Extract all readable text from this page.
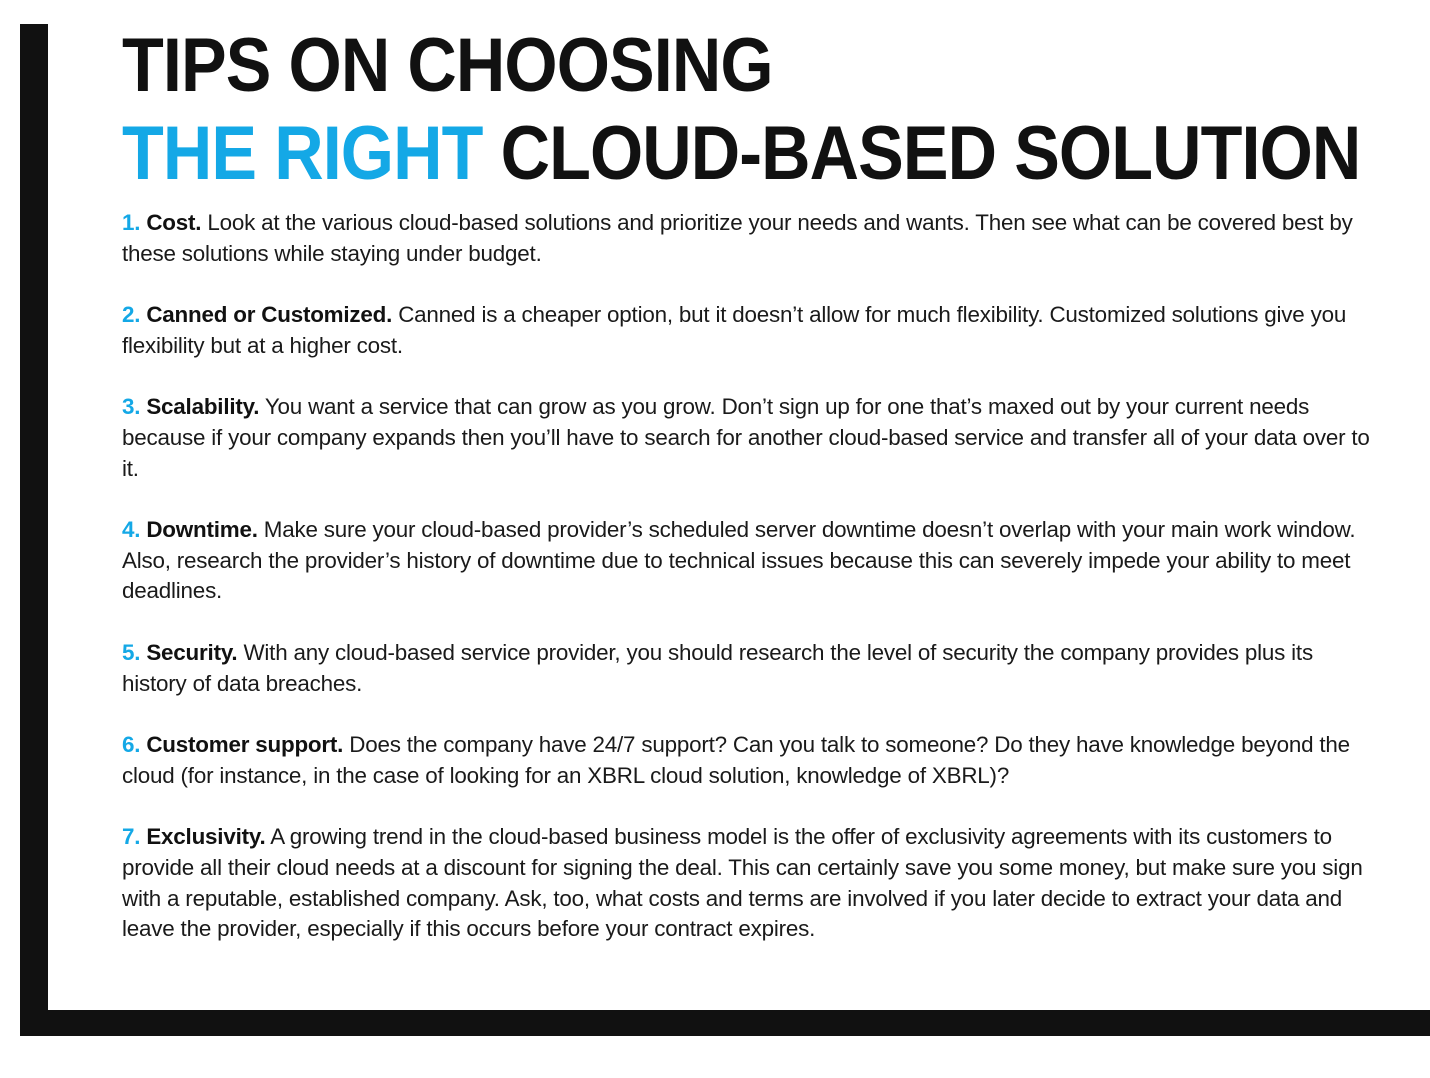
TIPS ON CHOOSING
THE RIGHT CLOUD-BASED SOLUTION
1. Cost. Look at the various cloud-based solutions and prioritize your needs and wants. Then see what can be covered best by these solutions while staying under budget.
2. Canned or Customized. Canned is a cheaper option, but it doesn’t allow for much flexibility. Customized solutions give you flexibility but at a higher cost.
3. Scalability. You want a service that can grow as you grow. Don’t sign up for one that’s maxed out by your current needs because if your company expands then you’ll have to search for another cloud-based service and transfer all of your data over to it.
4. Downtime. Make sure your cloud-based provider’s scheduled server downtime doesn’t overlap with your main work window. Also, research the provider’s history of downtime due to technical issues because this can severely impede your ability to meet deadlines.
5. Security. With any cloud-based service provider, you should research the level of security the company provides plus its history of data breaches.
6. Customer support. Does the company have 24/7 support? Can you talk to someone? Do they have knowledge beyond the cloud (for instance, in the case of looking for an XBRL cloud solution, knowledge of XBRL)?
7. Exclusivity. A growing trend in the cloud-based business model is the offer of exclusivity agreements with its customers to provide all their cloud needs at a discount for signing the deal. This can certainly save you some money, but make sure you sign with a reputable, established company. Ask, too, what costs and terms are involved if you later decide to extract your data and leave the provider, especially if this occurs before your contract expires.
